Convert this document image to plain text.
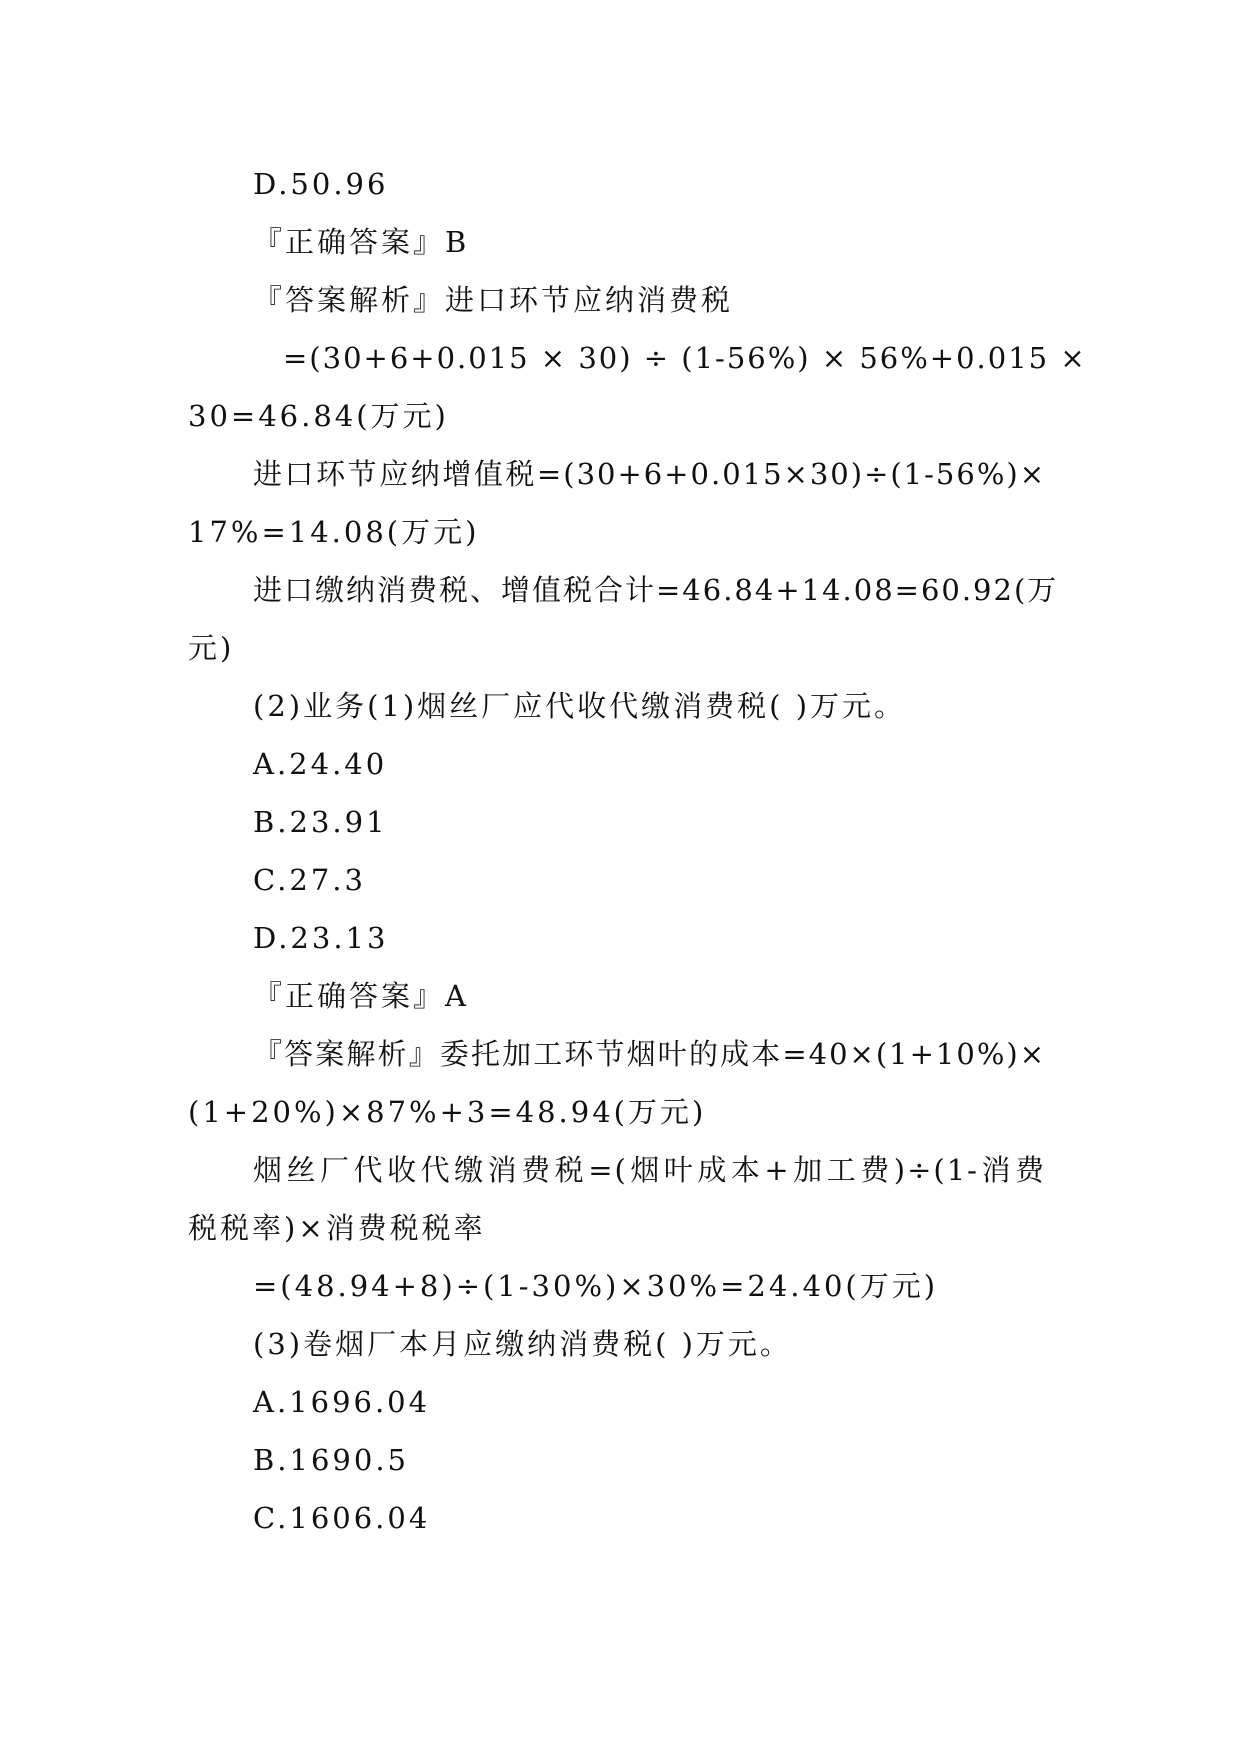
D.50.96
『正确答案』B
『答案解析』进口环节应纳消费税
=(30+6+0.015 × 30) ÷ (1-56%) × 56%+0.015 ×
30=46.84(万元)
进口环节应纳增值税=(30+6+0.015×30)÷(1-56%)×
17%=14.08(万元)
进口缴纳消费税、增值税合计=46.84+14.08=60.92(万
元)
(2)业务(1)烟丝厂应代收代缴消费税( )万元。
A.24.40
B.23.91
C.27.3
D.23.13
『正确答案』A
『答案解析』委托加工环节烟叶的成本=40×(1+10%)×
(1+20%)×87%+3=48.94(万元)
烟丝厂代收代缴消费税=(烟叶成本+加工费)÷(1-消费
税税率)×消费税税率
=(48.94+8)÷(1-30%)×30%=24.40(万元)
(3)卷烟厂本月应缴纳消费税( )万元。
A.1696.04
B.1690.5
C.1606.04
